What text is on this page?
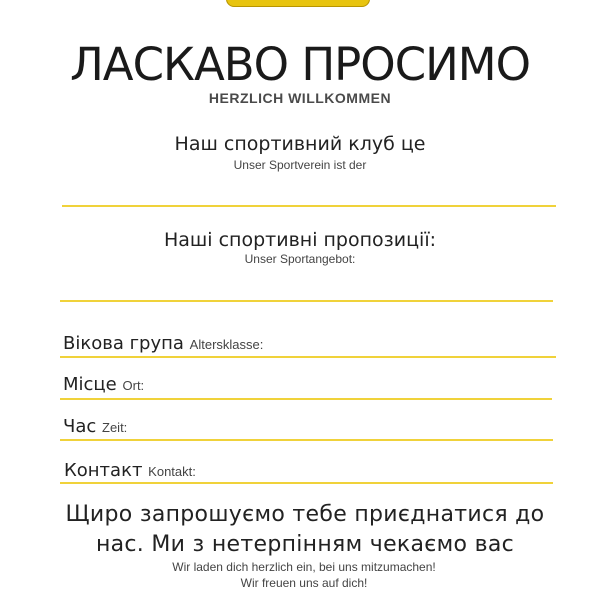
ЛАСКАВО ПРОСИМО
HERZLICH WILLKOMMEN
Наш спортивний клуб це
Unser Sportverein ist der
Наші спортивні пропозиції:
Unser Sportangebot:
Вікова група Altersklasse:
Місце Ort:
Час Zeit:
Контакт Kontakt:
Щиро запрошуємо тебе приєднатися до нас. Ми з нетерпінням чекаємо вас
Wir laden dich herzlich ein, bei uns mitzumachen!
Wir freuen uns auf dich!
